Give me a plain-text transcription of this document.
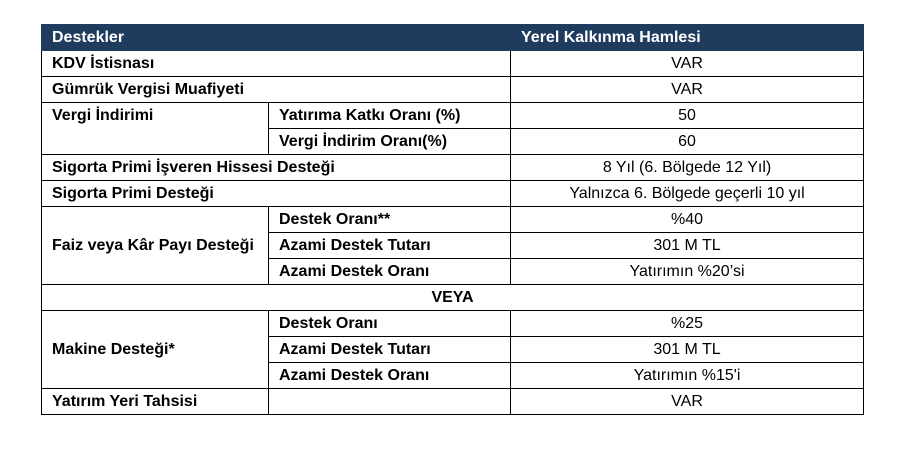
Destekler		Yerel Kalkınma Hamlesi
KDV İstisnası		VAR
Gümrük Vergisi Muafiyeti		VAR
Vergi İndirimi	Yatırıma Katkı Oranı (%)	50
	Vergi İndirim Oranı(%)	60
Sigorta Primi İşveren Hissesi Desteği		8 Yıl (6. Bölgede 12 Yıl)
Sigorta Primi Desteği		Yalnızca 6. Bölgede geçerli 10 yıl
Faiz veya Kâr Payı Desteği	Destek Oranı**	%40
	Azami Destek Tutarı	301 M TL
	Azami Destek Oranı	Yatırımın %20’si
VEYA		
Makine Desteği*	Destek Oranı	%25
	Azami Destek Tutarı	301 M TL
	Azami Destek Oranı	Yatırımın %15'i
Yatırım Yeri Tahsisi		VAR
